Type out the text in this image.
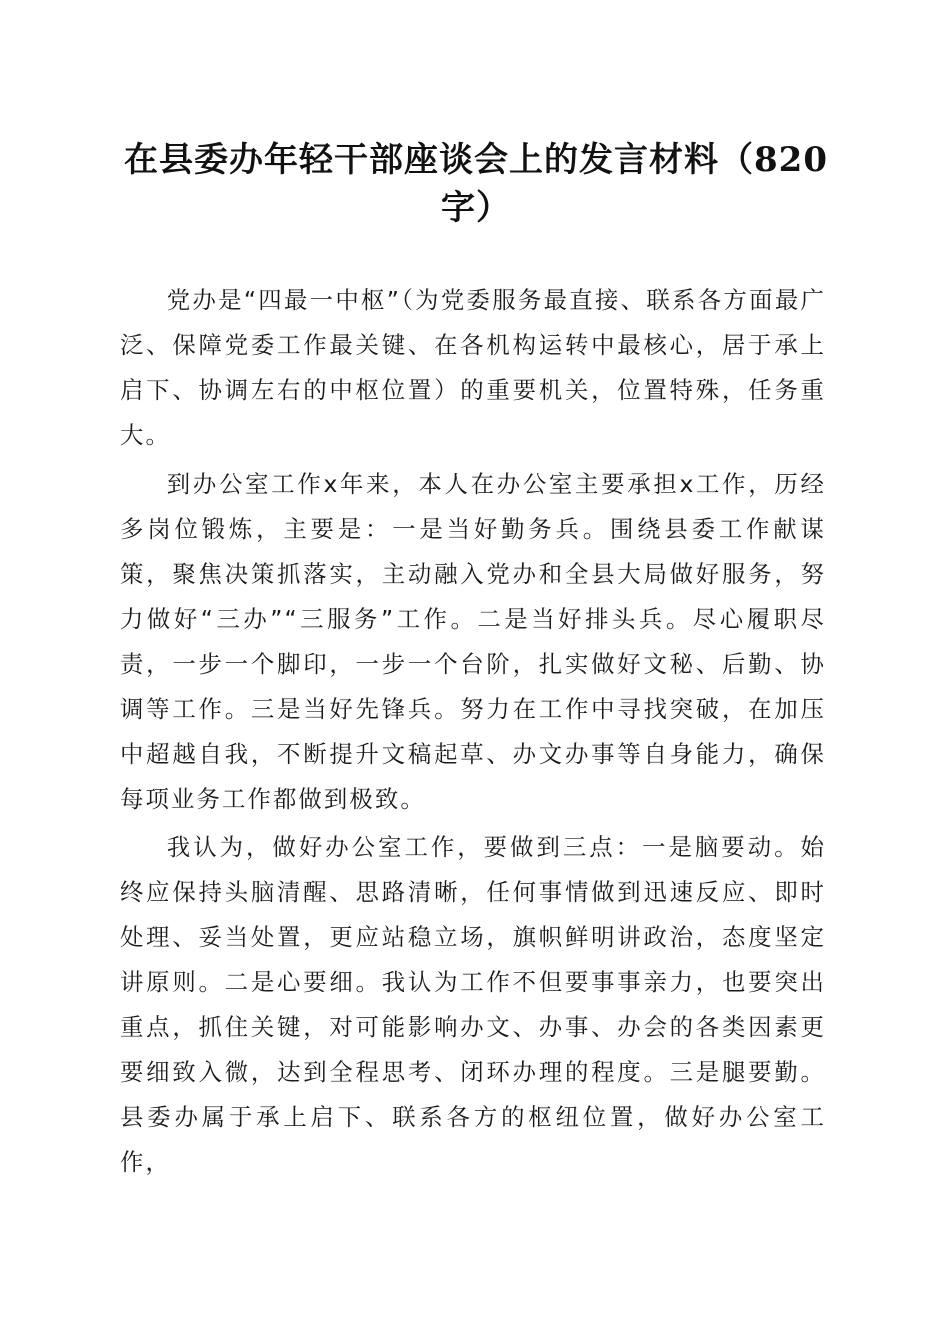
在县委办年轻干部座谈会上的发言材料（820字）

党办是“四最一中枢”（为党委服务最直接、联系各方面最广泛、保障党委工作最关键、在各机构运转中最核心，居于承上启下、协调左右的中枢位置）的重要机关，位置特殊，任务重大。

到办公室工作x年来，本人在办公室主要承担x工作，历经多岗位锻炼，主要是：一是当好勤务兵。围绕县委工作献谋策，聚焦决策抓落实，主动融入党办和全县大局做好服务，努力做好“三办”“三服务”工作。二是当好排头兵。尽心履职尽责，一步一个脚印，一步一个台阶，扎实做好文秘、后勤、协调等工作。三是当好先锋兵。努力在工作中寻找突破，在加压中超越自我，不断提升文稿起草、办文办事等自身能力，确保每项业务工作都做到极致。

我认为，做好办公室工作，要做到三点：一是脑要动。始终应保持头脑清醒、思路清晰，任何事情做到迅速反应、即时处理、妥当处置，更应站稳立场，旗帜鲜明讲政治，态度坚定讲原则。二是心要细。我认为工作不但要事事亲力，也要突出重点，抓住关键，对可能影响办文、办事、办会的各类因素更要细致入微，达到全程思考、闭环办理的程度。三是腿要勤。县委办属于承上启下、联系各方的枢纽位置，做好办公室工作，
